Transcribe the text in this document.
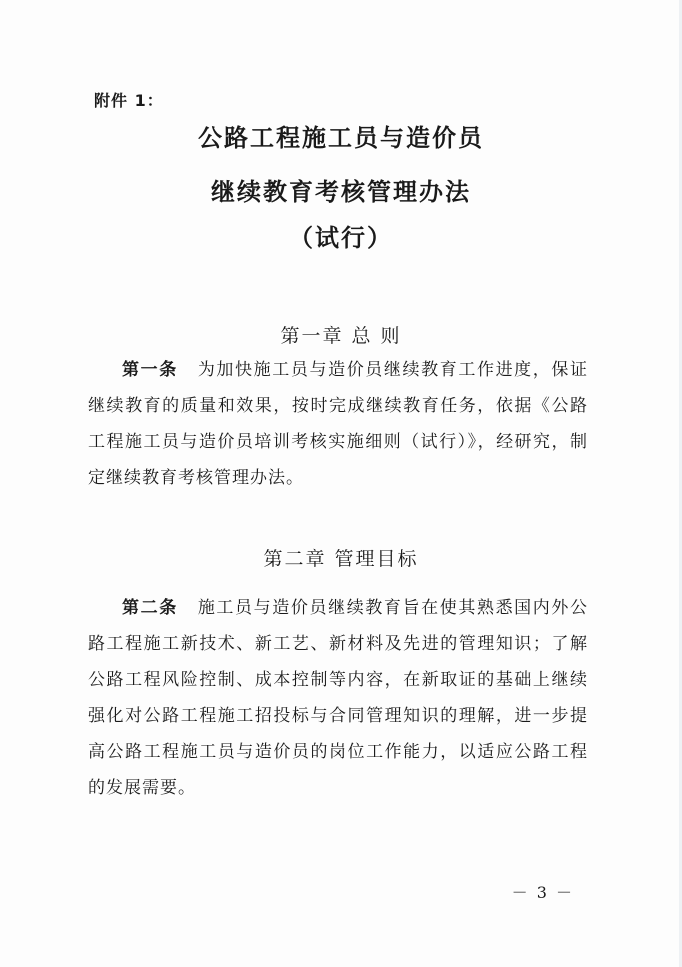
附件 1：
公路工程施工员与造价员
继续教育考核管理办法
（试行）
第一章 总 则
第一条 为加快施工员与造价员继续教育工作进度，保证继续教育的质量和效果，按时完成继续教育任务，依据《公路工程施工员与造价员培训考核实施细则（试行）》，经研究，制定继续教育考核管理办法。
第二章 管理目标
第二条 施工员与造价员继续教育旨在使其熟悉国内外公路工程施工新技术、新工艺、新材料及先进的管理知识；了解公路工程风险控制、成本控制等内容，在新取证的基础上继续强化对公路工程施工招投标与合同管理知识的理解，进一步提高公路工程施工员与造价员的岗位工作能力，以适应公路工程的发展需要。
－ 3 －
